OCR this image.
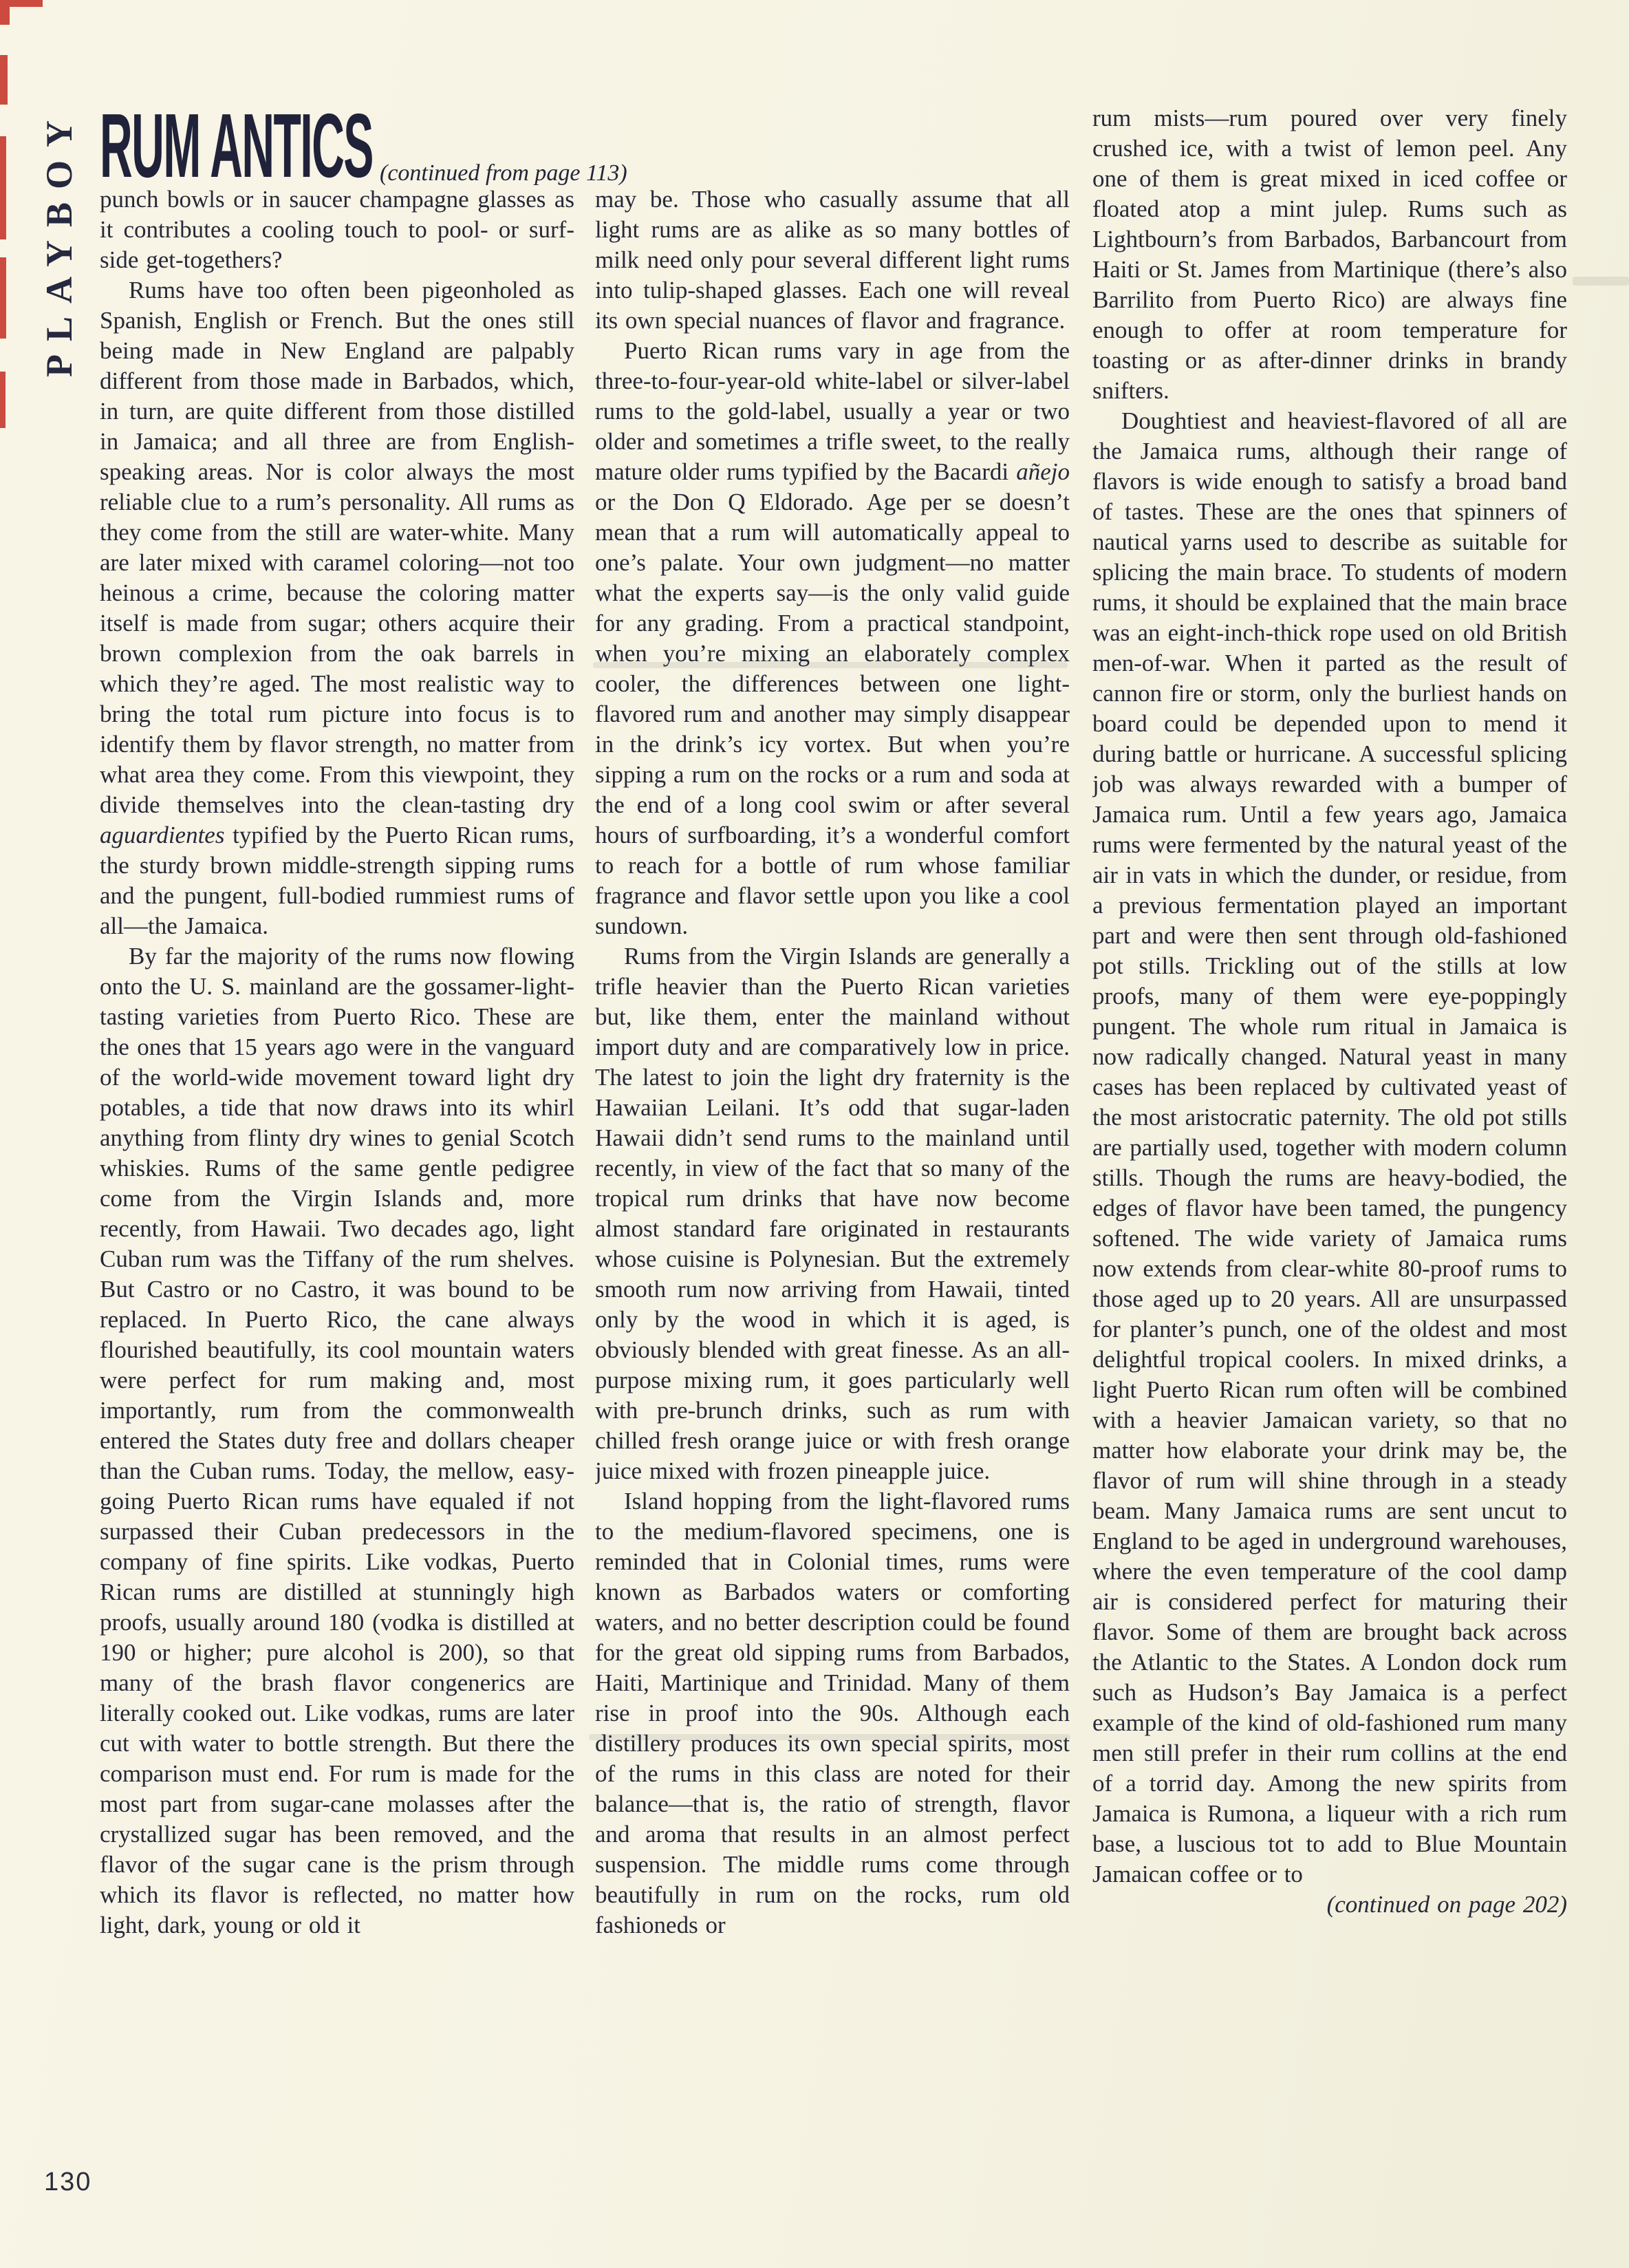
PLAYBOY RUM ANTICS (continued from page 113)

punch bowls or in saucer champagne glasses as it contributes a cooling touch to pool- or surf-side get-togethers?

Rums have too often been pigeonholed as Spanish, English or French. But the ones still being made in New England are palpably different from those made in Barbados, which, in turn, are quite different from those distilled in Jamaica; and all three are from English-speaking areas. Nor is color always the most reliable clue to a rum’s personality. All rums as they come from the still are water-white. Many are later mixed with caramel coloring—not too heinous a crime, because the coloring matter itself is made from sugar; others acquire their brown complexion from the oak barrels in which they’re aged. The most realistic way to bring the total rum picture into focus is to identify them by flavor strength, no matter from what area they come. From this viewpoint, they divide themselves into the clean-tasting dry aguardientes typified by the Puerto Rican rums, the sturdy brown middle-strength sipping rums and the pungent, full-bodied rummiest rums of all—the Jamaica.

By far the majority of the rums now flowing onto the U. S. mainland are the gossamer-light-tasting varieties from Puerto Rico. These are the ones that 15 years ago were in the vanguard of the world-wide movement toward light dry potables, a tide that now draws into its whirl anything from flinty dry wines to genial Scotch whiskies. Rums of the same gentle pedigree come from the Virgin Islands and, more recently, from Hawaii. Two decades ago, light Cuban rum was the Tiffany of the rum shelves. But Castro or no Castro, it was bound to be replaced. In Puerto Rico, the cane always flourished beautifully, its cool mountain waters were perfect for rum making and, most importantly, rum from the commonwealth entered the States duty free and dollars cheaper than the Cuban rums. Today, the mellow, easy-going Puerto Rican rums have equaled if not surpassed their Cuban predecessors in the company of fine spirits. Like vodkas, Puerto Rican rums are distilled at stunningly high proofs, usually around 180 (vodka is distilled at 190 or higher; pure alcohol is 200), so that many of the brash flavor congenerics are literally cooked out. Like vodkas, rums are later cut with water to bottle strength. But there the comparison must end. For rum is made for the most part from sugar-cane molasses after the crystallized sugar has been removed, and the flavor of the sugar cane is the prism through which its flavor is reflected, no matter how light, dark, young or old it

may be. Those who casually assume that all light rums are as alike as so many bottles of milk need only pour several different light rums into tulip-shaped glasses. Each one will reveal its own special nuances of flavor and fragrance.

Puerto Rican rums vary in age from the three-to-four-year-old white-label or silver-label rums to the gold-label, usually a year or two older and sometimes a trifle sweet, to the really mature older rums typified by the Bacardi añejo or the Don Q Eldorado. Age per se doesn’t mean that a rum will automatically appeal to one’s palate. Your own judgment—no matter what the experts say—is the only valid guide for any grading. From a practical standpoint, when you’re mixing an elaborately complex cooler, the differences between one light-flavored rum and another may simply disappear in the drink’s icy vortex. But when you’re sipping a rum on the rocks or a rum and soda at the end of a long cool swim or after several hours of surfboarding, it’s a wonderful comfort to reach for a bottle of rum whose familiar fragrance and flavor settle upon you like a cool sundown.

Rums from the Virgin Islands are generally a trifle heavier than the Puerto Rican varieties but, like them, enter the mainland without import duty and are comparatively low in price. The latest to join the light dry fraternity is the Hawaiian Leilani. It’s odd that sugar-laden Hawaii didn’t send rums to the mainland until recently, in view of the fact that so many of the tropical rum drinks that have now become almost standard fare originated in restaurants whose cuisine is Polynesian. But the extremely smooth rum now arriving from Hawaii, tinted only by the wood in which it is aged, is obviously blended with great finesse. As an all-purpose mixing rum, it goes particularly well with pre-brunch drinks, such as rum with chilled fresh orange juice or with fresh orange juice mixed with frozen pineapple juice.

Island hopping from the light-flavored rums to the medium-flavored specimens, one is reminded that in Colonial times, rums were known as Barbados waters or comforting waters, and no better description could be found for the great old sipping rums from Barbados, Haiti, Martinique and Trinidad. Many of them rise in proof into the 90s. Although each distillery produces its own special spirits, most of the rums in this class are noted for their balance—that is, the ratio of strength, flavor and aroma that results in an almost perfect suspension. The middle rums come through beautifully in rum on the rocks, rum old fashioneds or

rum mists—rum poured over very finely crushed ice, with a twist of lemon peel. Any one of them is great mixed in iced coffee or floated atop a mint julep. Rums such as Lightbourn’s from Barbados, Barbancourt from Haiti or St. James from Martinique (there’s also Barrilito from Puerto Rico) are always fine enough to offer at room temperature for toasting or as after-dinner drinks in brandy snifters.

Doughtiest and heaviest-flavored of all are the Jamaica rums, although their range of flavors is wide enough to satisfy a broad band of tastes. These are the ones that spinners of nautical yarns used to describe as suitable for splicing the main brace. To students of modern rums, it should be explained that the main brace was an eight-inch-thick rope used on old British men-of-war. When it parted as the result of cannon fire or storm, only the burliest hands on board could be depended upon to mend it during battle or hurricane. A successful splicing job was always rewarded with a bumper of Jamaica rum. Until a few years ago, Jamaica rums were fermented by the natural yeast of the air in vats in which the dunder, or residue, from a previous fermentation played an important part and were then sent through old-fashioned pot stills. Trickling out of the stills at low proofs, many of them were eye-poppingly pungent. The whole rum ritual in Jamaica is now radically changed. Natural yeast in many cases has been replaced by cultivated yeast of the most aristocratic paternity. The old pot stills are partially used, together with modern column stills. Though the rums are heavy-bodied, the edges of flavor have been tamed, the pungency softened. The wide variety of Jamaica rums now extends from clear-white 80-proof rums to those aged up to 20 years. All are unsurpassed for planter’s punch, one of the oldest and most delightful tropical coolers. In mixed drinks, a light Puerto Rican rum often will be combined with a heavier Jamaican variety, so that no matter how elaborate your drink may be, the flavor of rum will shine through in a steady beam. Many Jamaica rums are sent uncut to England to be aged in underground warehouses, where the even temperature of the cool damp air is considered perfect for maturing their flavor. Some of them are brought back across the Atlantic to the States. A London dock rum such as Hudson’s Bay Jamaica is a perfect example of the kind of old-fashioned rum many men still prefer in their rum collins at the end of a torrid day. Among the new spirits from Jamaica is Rumona, a liqueur with a rich rum base, a luscious tot to add to Blue Mountain Jamaican coffee or to

(continued on page 202)

130
